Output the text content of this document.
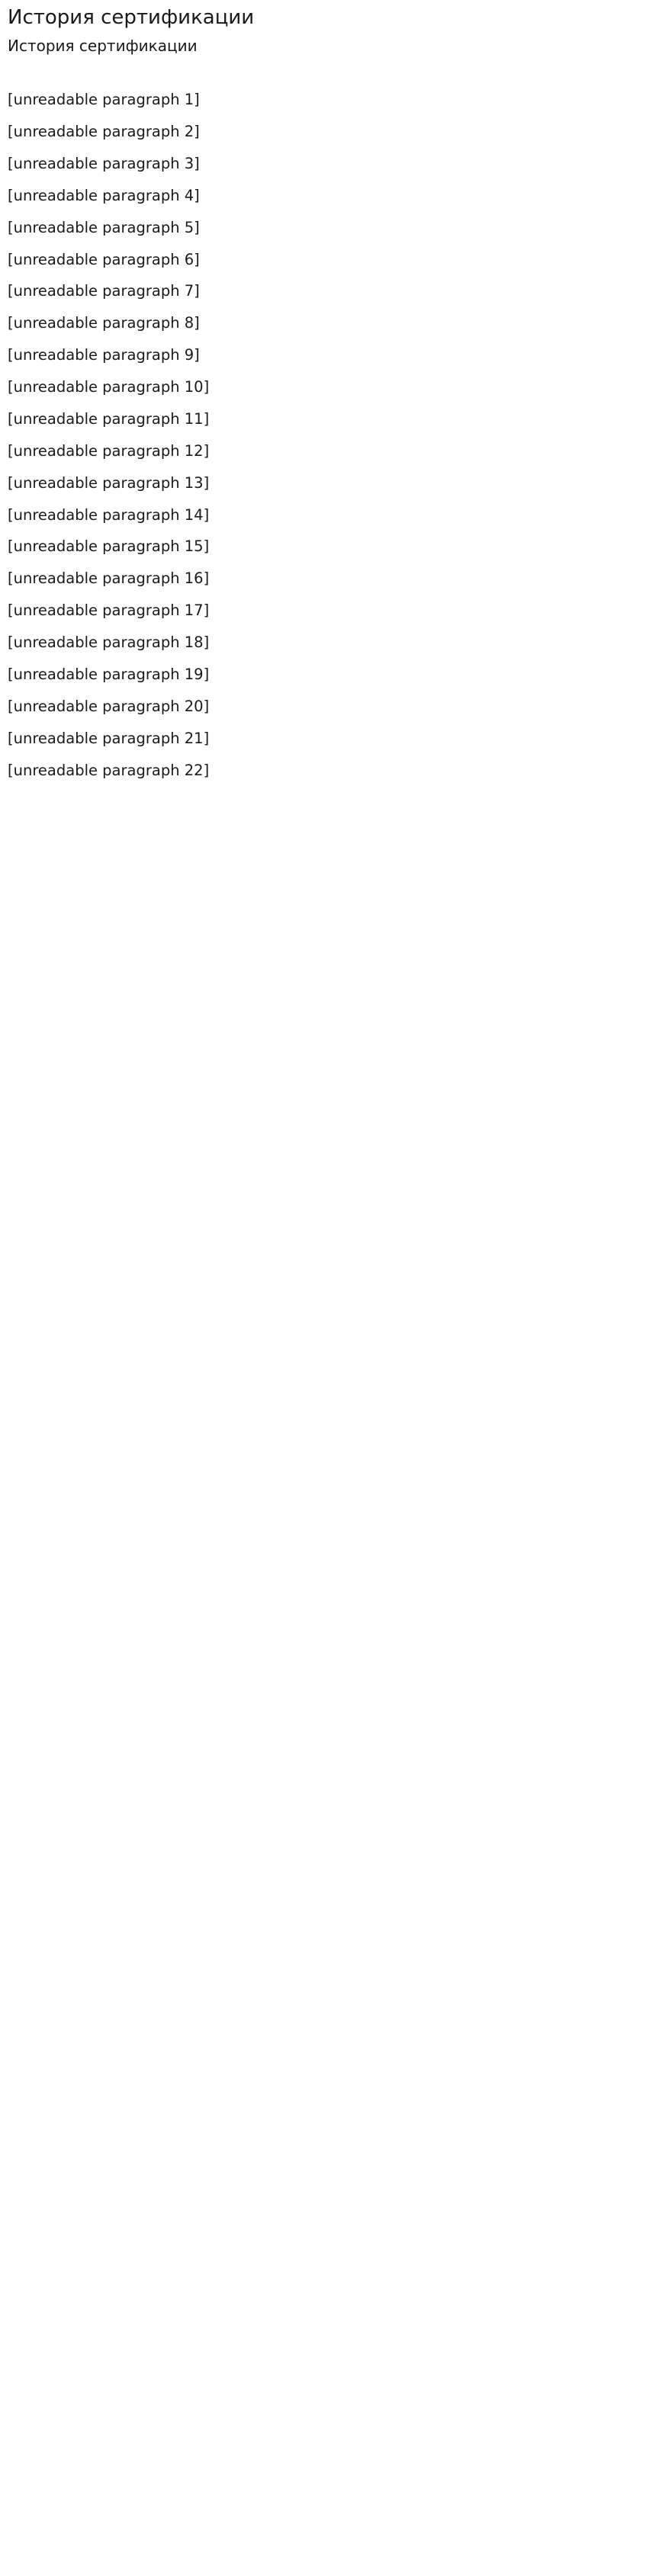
История сертификации
История сертификации

[unreadable paragraph 1]

[unreadable paragraph 2]

[unreadable paragraph 3]

[unreadable paragraph 4]

[unreadable paragraph 5]

[unreadable paragraph 6]

[unreadable paragraph 7]

[unreadable paragraph 8]

[unreadable paragraph 9]

[unreadable paragraph 10]

[unreadable paragraph 11]

[unreadable paragraph 12]

[unreadable paragraph 13]

[unreadable paragraph 14]

[unreadable paragraph 15]

[unreadable paragraph 16]

[unreadable paragraph 17]

[unreadable paragraph 18]

[unreadable paragraph 19]

[unreadable paragraph 20]

[unreadable paragraph 21]

[unreadable paragraph 22]
